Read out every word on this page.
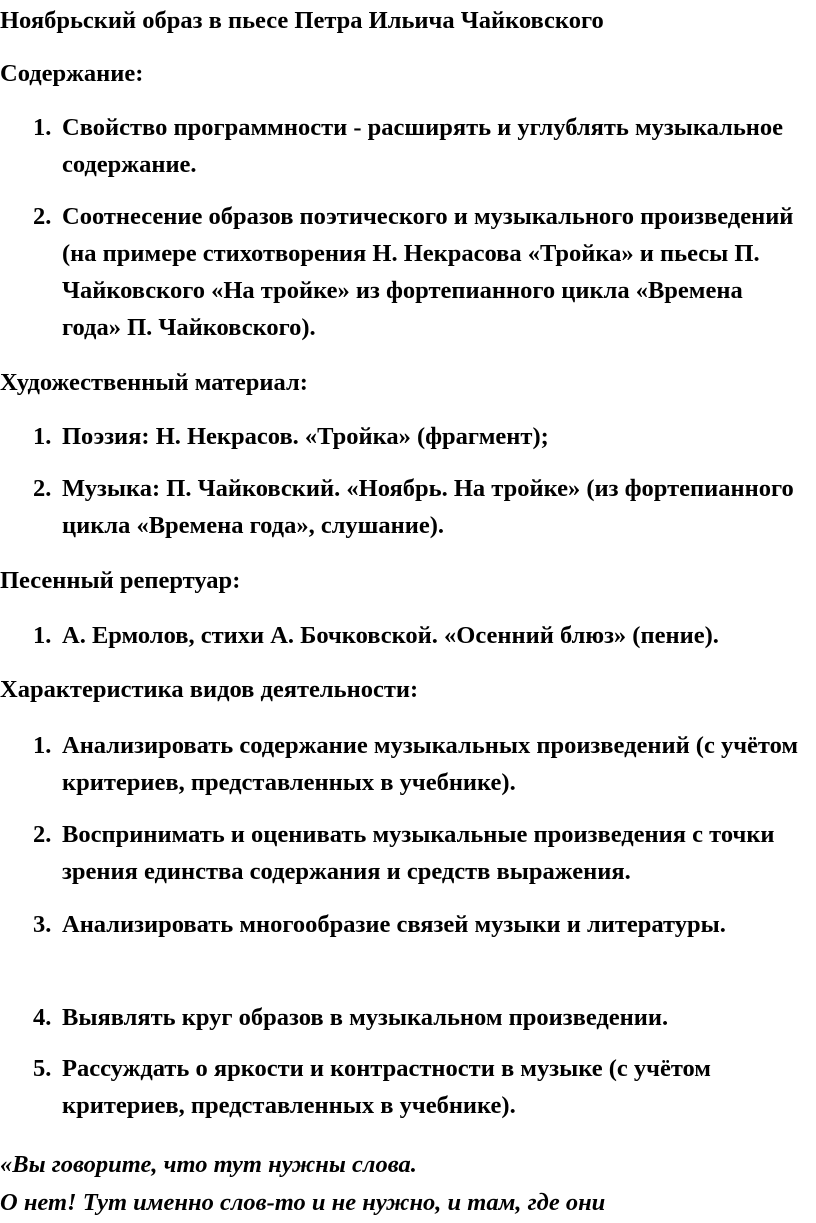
Ноябрьский образ в пьесе Петра Ильича Чайковского
Содержание:
1. Свойство программности - расширять и углублять музыкальное содержание.
2. Соотнесение образов поэтического и музыкального произведений (на примере стихотворения Н. Некрасова «Тройка» и пьесы П. Чайковского «На тройке» из фортепианного цикла «Времена года» П. Чайковского).
Художественный материал:
1. Поэзия: Н. Некрасов. «Тройка» (фрагмент);
2. Музыка: П. Чайковский. «Ноябрь. На тройке» (из фортепианного цикла «Времена года», слушание).
Песенный репертуар:
1. А. Ермолов, стихи А. Бочковской. «Осенний блюз» (пение).
Характеристика видов деятельности:
1. Анализировать содержание музыкальных произведений (с учётом критериев, представленных в учебнике).
2. Воспринимать и оценивать музыкальные произведения с точки зрения единства содержания и средств выражения.
3. Анализировать многообразие связей музыки и литературы.
4. Выявлять круг образов в музыкальном произведении.
5. Рассуждать о яркости и контрастности в музыке (с учётом критериев, представленных в учебнике).
«Вы говорите, что тут нужны слова.
О нет! Тут именно слов-то и не нужно, и там, где они
